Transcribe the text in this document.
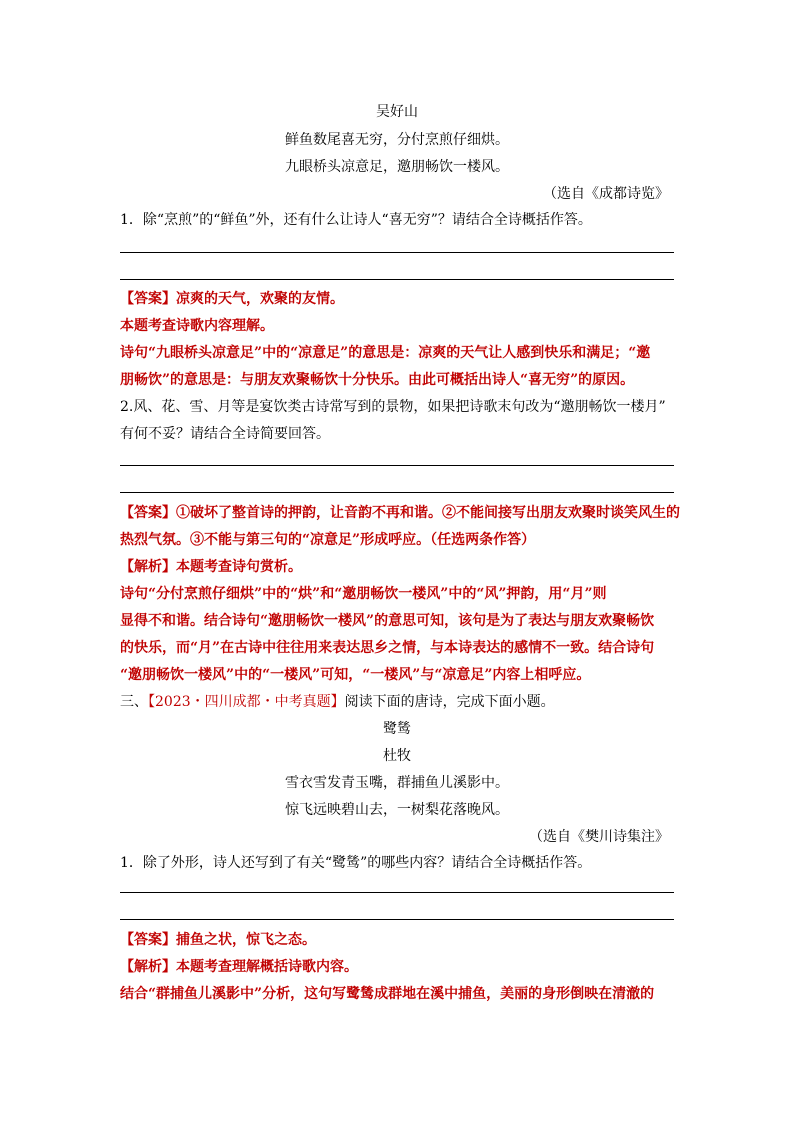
吴好山
鲜鱼数尾喜无穷，分付烹煎仔细烘。
九眼桥头凉意足，邀朋畅饮一楼风。
（选自《成都诗览》
1．除“烹煎”的“鲜鱼”外，还有什么让诗人“喜无穷”？请结合全诗概括作答。
【答案】凉爽的天气，欢聚的友情。
本题考查诗歌内容理解。
诗句“九眼桥头凉意足”中的“凉意足”的意思是：凉爽的天气让人感到快乐和满足；“邀
朋畅饮”的意思是：与朋友欢聚畅饮十分快乐。由此可概括出诗人“喜无穷”的原因。
2.风、花、雪、月等是宴饮类古诗常写到的景物，如果把诗歌末句改为“邀朋畅饮一楼月”
有何不妥？请结合全诗简要回答。
【答案】①破坏了整首诗的押韵，让音韵不再和谐。②不能间接写出朋友欢聚时谈笑风生的
热烈气氛。③不能与第三句的“凉意足”形成呼应。（任选两条作答）
【解析】本题考查诗句赏析。
诗句“分付烹煎仔细烘”中的“烘”和“邀朋畅饮一楼风”中的“风”押韵，用“月”则
显得不和谐。结合诗句“邀朋畅饮一楼风”的意思可知，该句是为了表达与朋友欢聚畅饮
的快乐，而“月”在古诗中往往用来表达思乡之情，与本诗表达的感情不一致。结合诗句
“邀朋畅饮一楼风”中的“一楼风”可知，“一楼风”与“凉意足”内容上相呼应。
三、【2023・四川成都・中考真题】阅读下面的唐诗，完成下面小题。
鹭鸶
杜牧
雪衣雪发青玉嘴，群捕鱼儿溪影中。
惊飞远映碧山去，一树梨花落晚风。
（选自《樊川诗集注》
1．除了外形，诗人还写到了有关“鹭鸶”的哪些内容？请结合全诗概括作答。
【答案】捕鱼之状，惊飞之态。
【解析】本题考查理解概括诗歌内容。
结合“群捕鱼儿溪影中”分析，这句写鹭鸶成群地在溪中捕鱼，美丽的身形倒映在清澈的
